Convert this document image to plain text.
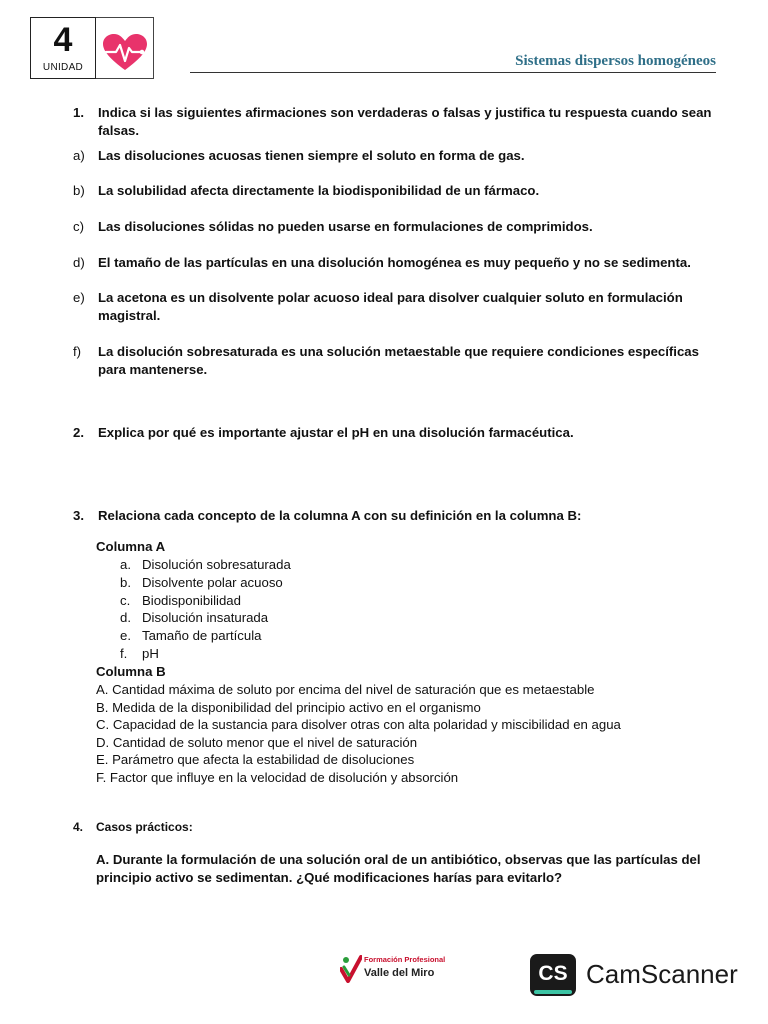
4
UNIDAD	Sistemas dispersos homogéneos
1. Indica si las siguientes afirmaciones son verdaderas o falsas y justifica tu respuesta cuando sean falsas.
a) Las disoluciones acuosas tienen siempre el soluto en forma de gas.
b) La solubilidad afecta directamente la biodisponibilidad de un fármaco.
c) Las disoluciones sólidas no pueden usarse en formulaciones de comprimidos.
d) El tamaño de las partículas en una disolución homogénea es muy pequeño y no se sedimenta.
e) La acetona es un disolvente polar acuoso ideal para disolver cualquier soluto en formulación magistral.
f) La disolución sobresaturada es una solución metaestable que requiere condiciones específicas para mantenerse.
2. Explica por qué es importante ajustar el pH en una disolución farmacéutica.
3. Relaciona cada concepto de la columna A con su definición en la columna B:
Columna A
a. Disolución sobresaturada
b. Disolvente polar acuoso
c. Biodisponibilidad
d. Disolución insaturada
e. Tamaño de partícula
f. pH
Columna B
A. Cantidad máxima de soluto por encima del nivel de saturación que es metaestable
B. Medida de la disponibilidad del principio activo en el organismo
C. Capacidad de la sustancia para disolver otras con alta polaridad y miscibilidad en agua
D. Cantidad de soluto menor que el nivel de saturación
E. Parámetro que afecta la estabilidad de disoluciones
F. Factor que influye en la velocidad de disolución y absorción
4. Casos prácticos:
A. Durante la formulación de una solución oral de un antibiótico, observas que las partículas del principio activo se sedimentan. ¿Qué modificaciones harías para evitarlo?
Formación Profesional
Valle del Miro	CS CamScanner
